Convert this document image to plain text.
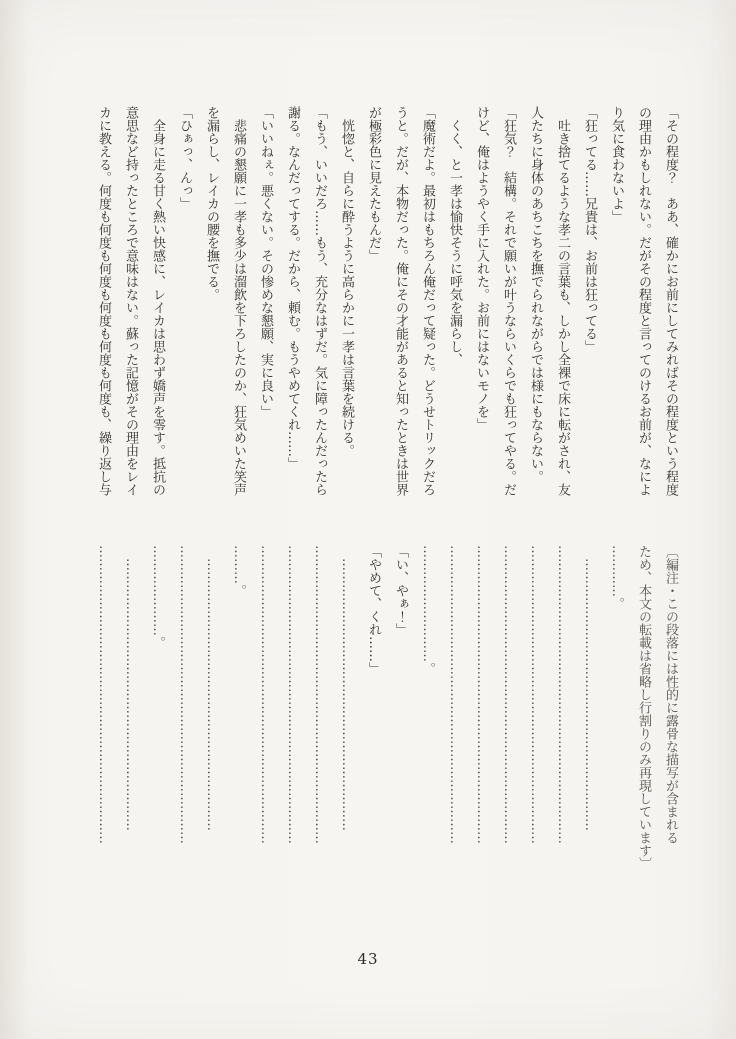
「その程度？　ああ、確かにお前にしてみればその程度という程度
の理由かもしれない。だがその程度と言ってのけるお前が、なによ
り気に食わないよ」
「狂ってる……兄貴は、お前は狂ってる」
吐き捨てるような孝二の言葉も、しかし全裸で床に転がされ、友
人たちに身体のあちこちを撫でられながらでは様にもならない。
「狂気？　結構。それで願いが叶うならいくらでも狂ってやる。だ
けど、俺はようやく手に入れた。お前にはないモノを」
くく、と一孝は愉快そうに呼気を漏らし、
「魔術だよ。最初はもちろん俺だって疑った。どうせトリックだろ
うと。だが、本物だった。俺にその才能があると知ったときは世界
が極彩色に見えたもんだ」
恍惚と、自らに酔うように高らかに一孝は言葉を続ける。
「もう、いいだろ……もう、充分なはずだ。気に障ったんだったら
謝る。なんだってする。だから、頼む。もうやめてくれ……」
「いいねぇ。悪くない。その惨めな懇願、実に良い」
悲痛の懇願に一孝も多少は溜飲を下ろしたのか、狂気めいた笑声
を漏らし、レイカの腰を撫でる。
「ひぁっ、んっ」
全身に走る甘く熱い快感に、レイカは思わず嬌声を零す。抵抗の
意思など持ったところで意味はない。蘇った記憶がその理由をレイ
カに教える。何度も何度も何度も何度も何度も何度も、繰り返し与
〔編注・この段落には性的に露骨な描写が含まれる
ため、本文の転載は省略し行割りのみ再現しています〕
…………。
………………………………………………………
……………………………………………………………
……………………………………………………………
……………………………………………………………
……………………………………………………………
……………………………………………………………
………………………。
「い、やぁ！」
「やめて、くれ……」
………………………………………………………
……………………………………………………………
……………………………………………………………
……………………………………………………………
………。
………………………………………………………
……………………………………………………………
…………………。
………………………………………………………
……………………………………………………………
43
